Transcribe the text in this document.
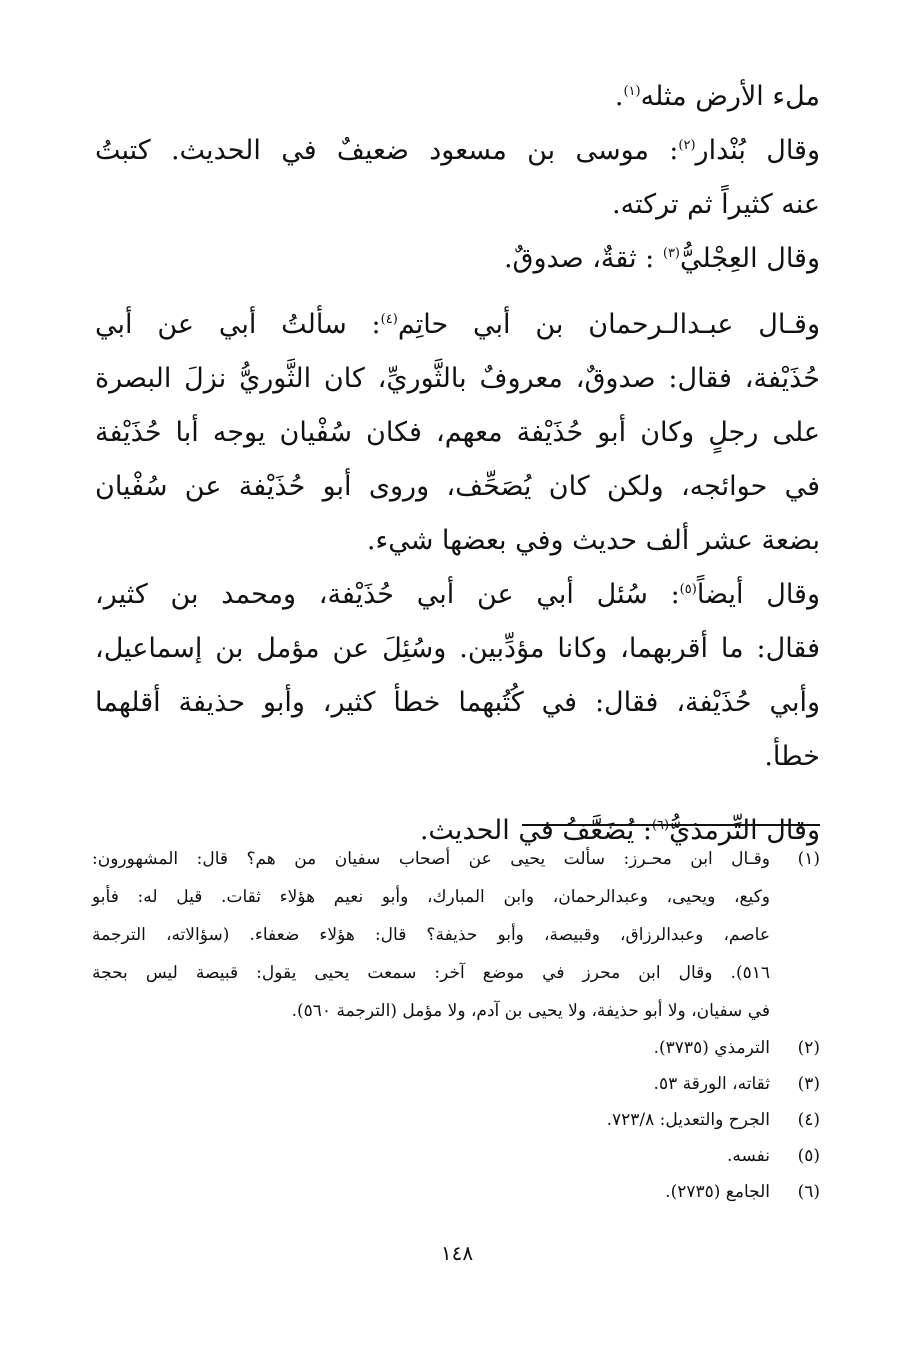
ملء الأرض مثله$^{(١)}$.
وقال بُنْدار$^{(٢)}$: موسى بن مسعود ضعيفٌ في الحديث. كتبتُ
عنه كثيراً ثم تركته.
وقال العِجْليُّ$^{(٣)}$ : ثقةٌ، صدوقٌ.
وقـال عبـدالـرحمان بن أبي حاتِم$^{(٤)}$: سألتُ أبي عن أبي
حُذَيْفة، فقال: صدوقٌ، معروفٌ بالثَّوريِّ، كان الثَّوريُّ نزلَ البصرة
على رجلٍ وكان أبو حُذَيْفة معهم، فكان سُفْيان يوجه أبا حُذَيْفة
في حوائجه، ولكن كان يُصَحِّف، وروى أبو حُذَيْفة عن سُفْيان
بضعة عشر ألف حديث وفي بعضها شيء.
وقال أيضاً$^{(٥)}$: سُئل أبي عن أبي حُذَيْفة، ومحمد بن كثير،
فقال: ما أقربهما، وكانا مؤدِّبين. وسُئِلَ عن مؤمل بن إسماعيل،
وأبي حُذَيْفة، فقال: في كُتُبهما خطأ كثير، وأبو حذيفة أقلهما
خطأ.
وقال التِّرمذيُّ$^{(٦)}$: يُضَعَّفُ في الحديث.
(١)
وقـال ابن محـرز: سألت يحيى عن أصحاب سفيان من هم؟ قال: المشهورون:
وكيع، ويحيى، وعبدالرحمان، وابن المبارك، وأبو نعيم هؤلاء ثقات. قيل له: فأبو
عاصم، وعبدالرزاق، وقبيصة، وأبو حذيفة؟ قال: هؤلاء ضعفاء. (سؤالاته، الترجمة
٥١٦). وقال ابن محرز في موضع آخر: سمعت يحيى يقول: قبيصة ليس بحجة
في سفيان، ولا أبو حذيفة، ولا يحيى بن آدم، ولا مؤمل (الترجمة ٥٦٠).
(٢)
الترمذي (٣٧٣٥).
(٣)
ثقاته، الورقة ٥٣.
(٤)
الجرح والتعديل: ٧٢٣/٨.
(٥)
نفسه.
(٦)
الجامع (٢٧٣٥).
١٤٨
